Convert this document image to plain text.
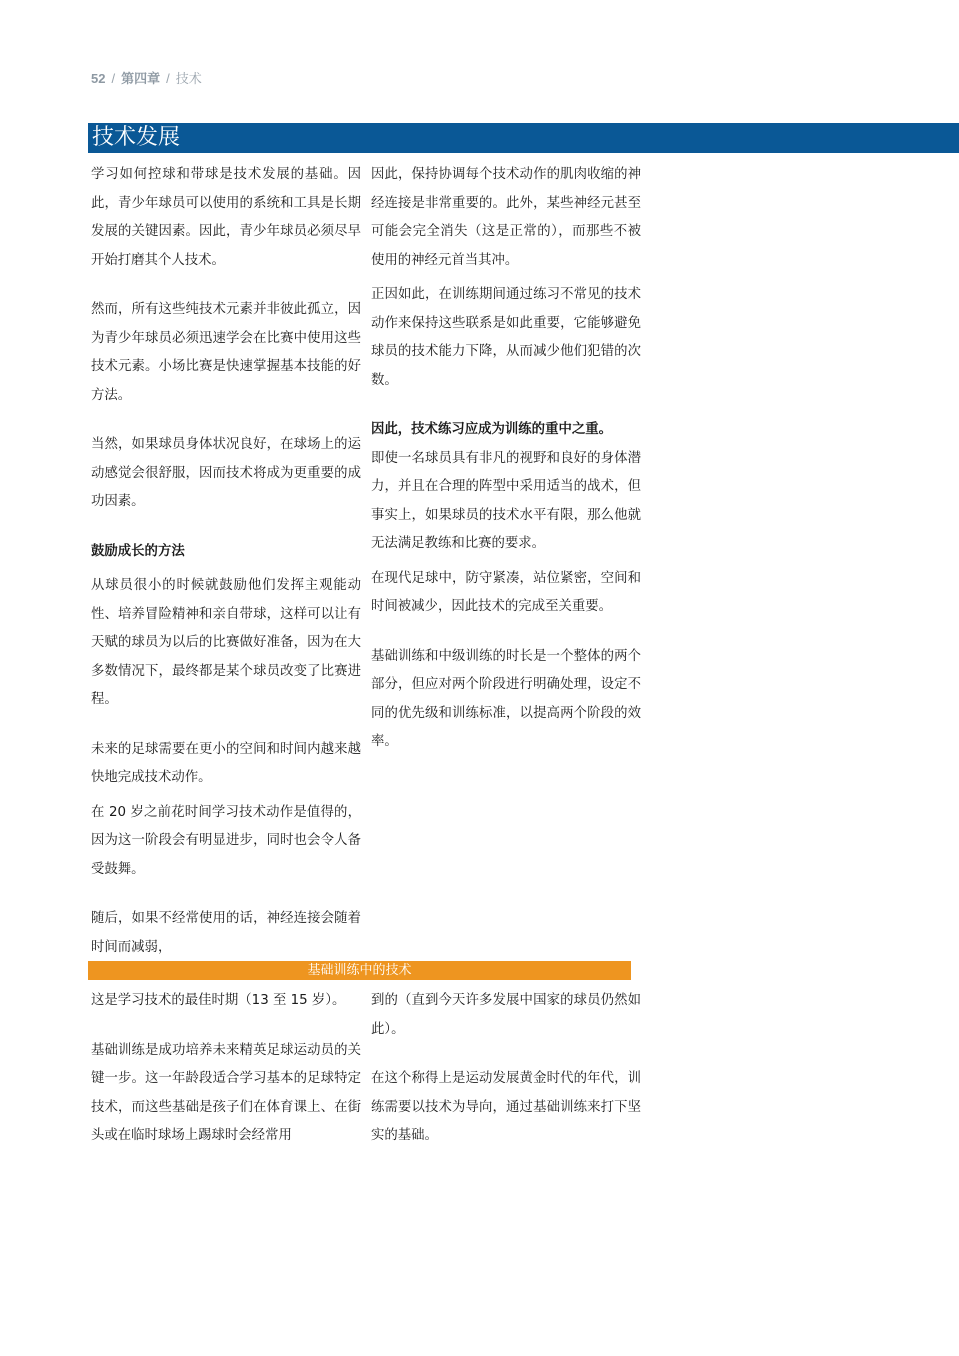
52 / 第四章 / 技术
技术发展

学习如何控球和带球是技术发展的基础。因此，青少年球员可以使用的系统和工具是长期发展的关键因素。因此，青少年球员必须尽早开始打磨其个人技术。

然而，所有这些纯技术元素并非彼此孤立，因为青少年球员必须迅速学会在比赛中使用这些技术元素。小场比赛是快速掌握基本技能的好方法。

当然，如果球员身体状况良好，在球场上的运动感觉会很舒服，因而技术将成为更重要的成功因素。

鼓励成长的方法

从球员很小的时候就鼓励他们发挥主观能动性、培养冒险精神和亲自带球，这样可以让有天赋的球员为以后的比赛做好准备，因为在大多数情况下，最终都是某个球员改变了比赛进程。

未来的足球需要在更小的空间和时间内越来越快地完成技术动作。

在 20 岁之前花时间学习技术动作是值得的，因为这一阶段会有明显进步，同时也会令人备受鼓舞。

随后，如果不经常使用的话，神经连接会随着时间而减弱，

因此，保持协调每个技术动作的肌肉收缩的神经连接是非常重要的。此外，某些神经元甚至可能会完全消失（这是正常的），而那些不被使用的神经元首当其冲。

正因如此，在训练期间通过练习不常见的技术动作来保持这些联系是如此重要，它能够避免球员的技术能力下降，从而减少他们犯错的次数。

因此，技术练习应成为训练的重中之重。

即使一名球员具有非凡的视野和良好的身体潜力，并且在合理的阵型中采用适当的战术，但事实上，如果球员的技术水平有限，那么他就无法满足教练和比赛的要求。

在现代足球中，防守紧凑，站位紧密，空间和时间被减少，因此技术的完成至关重要。

基础训练和中级训练的时长是一个整体的两个部分，但应对两个阶段进行明确处理，设定不同的优先级和训练标准，以提高两个阶段的效率。

基础训练中的技术

这是学习技术的最佳时期（13 至 15 岁）。

基础训练是成功培养未来精英足球运动员的关键一步。这一年龄段适合学习基本的足球特定技术，而这些基础是孩子们在体育课上、在街头或在临时球场上踢球时会经常用

到的（直到今天许多发展中国家的球员仍然如此）。

在这个称得上是运动发展黄金时代的年代，训练需要以技术为导向，通过基础训练来打下坚实的基础。
